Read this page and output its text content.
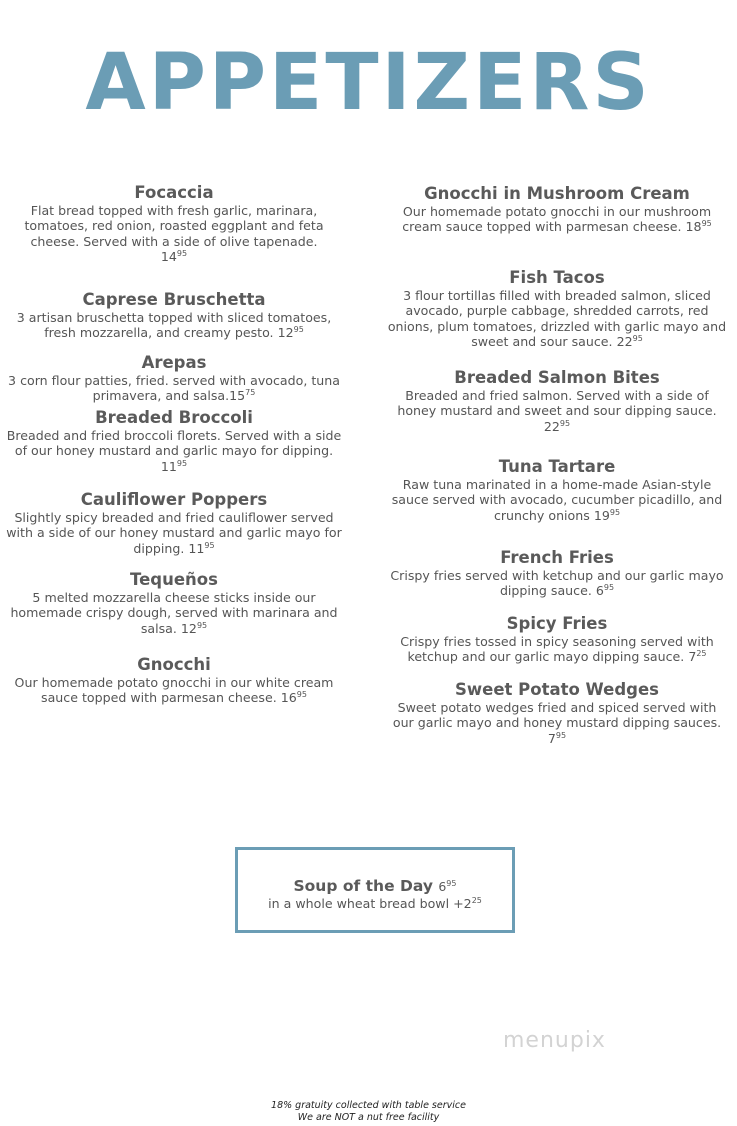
APPETIZERS
Focaccia
Flat bread topped with fresh garlic, marinara, tomatoes, red onion, roasted eggplant and feta cheese. Served with a side of olive tapenade.
$14^{95}$
Caprese Bruschetta
3 artisan bruschetta topped with sliced tomatoes, fresh mozzarella, and creamy pesto. $12^{95}$
Arepas
3 corn flour patties, fried. served with avocado, tuna primavera, and $salsa.15^{75}$
Breaded Broccoli
Breaded and fried broccoli florets. Served with a side of our honey mustard and garlic mayo for dipping. $11^{95}$
Cauliflower Poppers
Slightly spicy breaded and fried cauliflower served with a side of our honey mustard and garlic mayo for dipping. $11^{95}$
Tequeños
5 melted mozzarella cheese sticks inside our homemade crispy dough, served with marinara and salsa. $12^{95}$
Gnocchi
Our homemade potato gnocchi in our white cream sauce topped with parmesan cheese. $16^{95}$
Gnocchi in Mushroom Cream
Our homemade potato gnocchi in our mushroom cream sauce topped with parmesan cheese. $18^{95}$
Fish Tacos
3 flour tortillas filled with breaded salmon, sliced avocado, purple cabbage, shredded carrots, red onions, plum tomatoes, drizzled with garlic mayo and sweet and sour sauce. $22^{95}$
Breaded Salmon Bites
Breaded and fried salmon. Served with a side of honey mustard and sweet and sour dipping sauce. $22^{95}$
Tuna Tartare
Raw tuna marinated in a home-made Asian-style sauce served with avocado, cucumber picadillo, and crunchy onions $19^{95}$
French Fries
Crispy fries served with ketchup and our garlic mayo dipping sauce. $6^{95}$
Spicy Fries
Crispy fries tossed in spicy seasoning served with ketchup and our garlic mayo dipping sauce. $7^{25}$
Sweet Potato Wedges
Sweet potato wedges fried and spiced served with our garlic mayo and honey mustard dipping sauces. $7^{95}$
Soup of the Day $6^{95}$
in a whole wheat bread bowl $+2^{25}$
menupix
18% gratuity collected with table service
We are NOT a nut free facility
